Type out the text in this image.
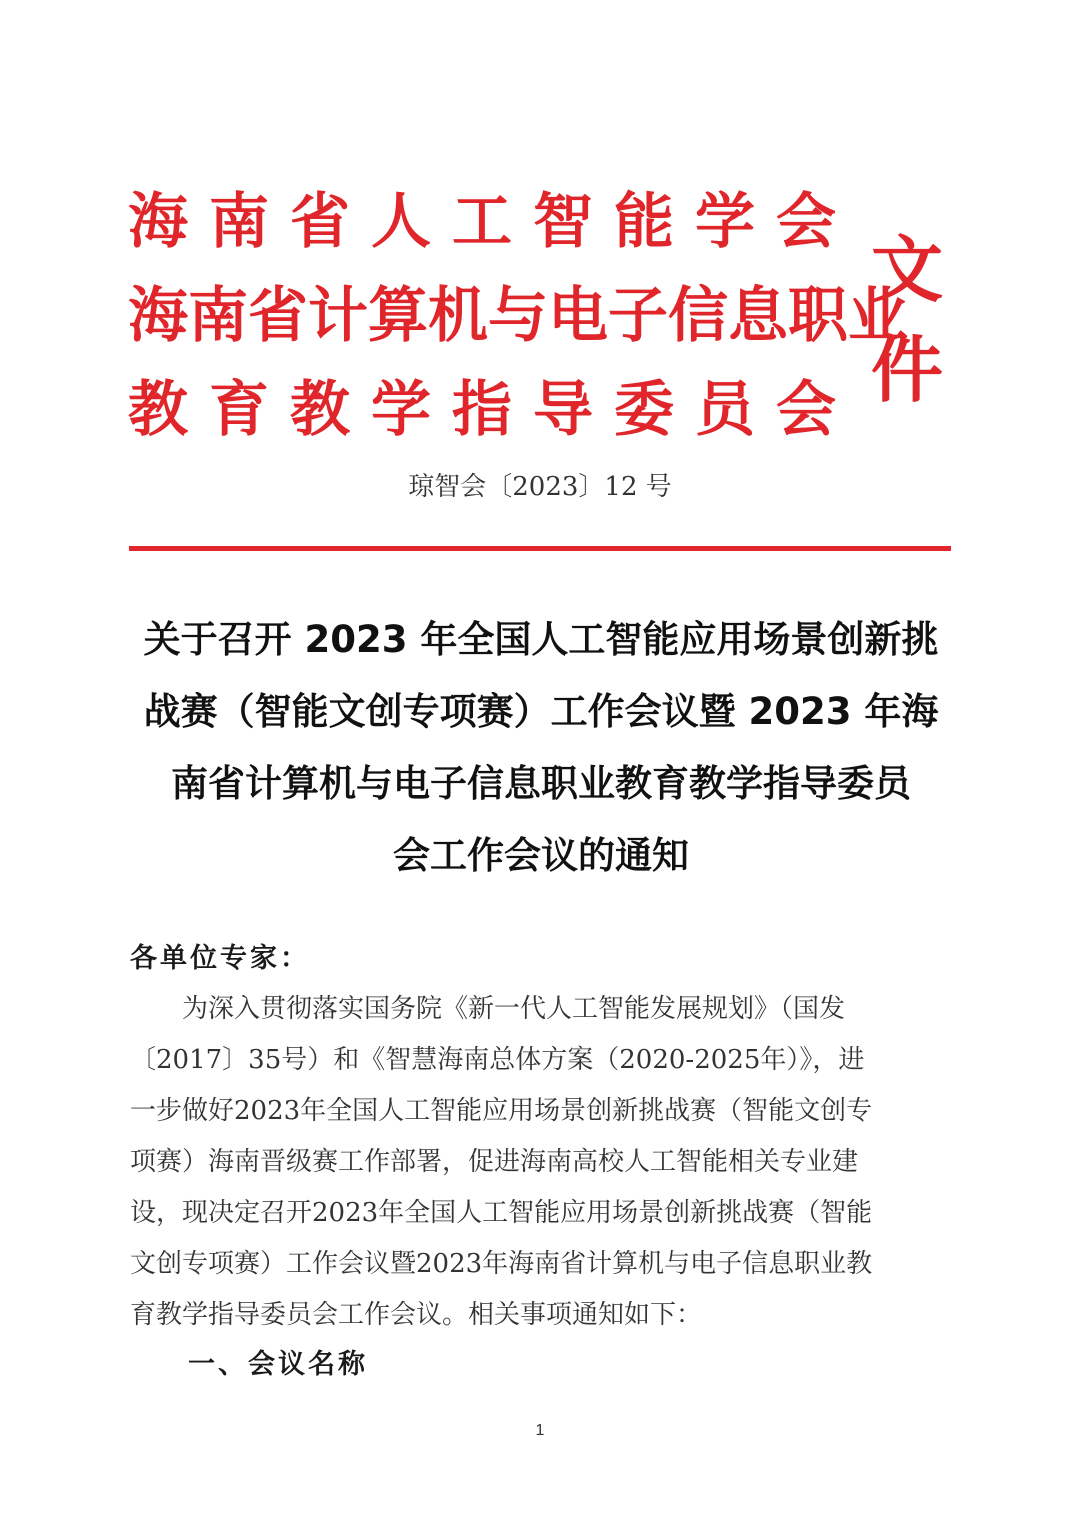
海 南 省 人 工 智 能 学 会
海 南 省 计 算 机 与 电 子 信 息 职 业
教 育 教 学 指 导 委 员 会
文
件
琼智会〔2023〕12 号
关于召开 2023 年全国人工智能应用场景创新挑
战赛（智能文创专项赛）工作会议暨 2023 年海
南省计算机与电子信息职业教育教学指导委员
会工作会议的通知
各单位专家：
　　为深入贯彻落实国务院《新一代人工智能发展规划》（国发
〔2017〕35号）和《智慧海南总体方案（2020-2025年）》，进
一步做好2023年全国人工智能应用场景创新挑战赛（智能文创专
项赛）海南晋级赛工作部署，促进海南高校人工智能相关专业建
设，现决定召开2023年全国人工智能应用场景创新挑战赛（智能
文创专项赛）工作会议暨2023年海南省计算机与电子信息职业教
育教学指导委员会工作会议。相关事项通知如下：
一、会议名称
1
